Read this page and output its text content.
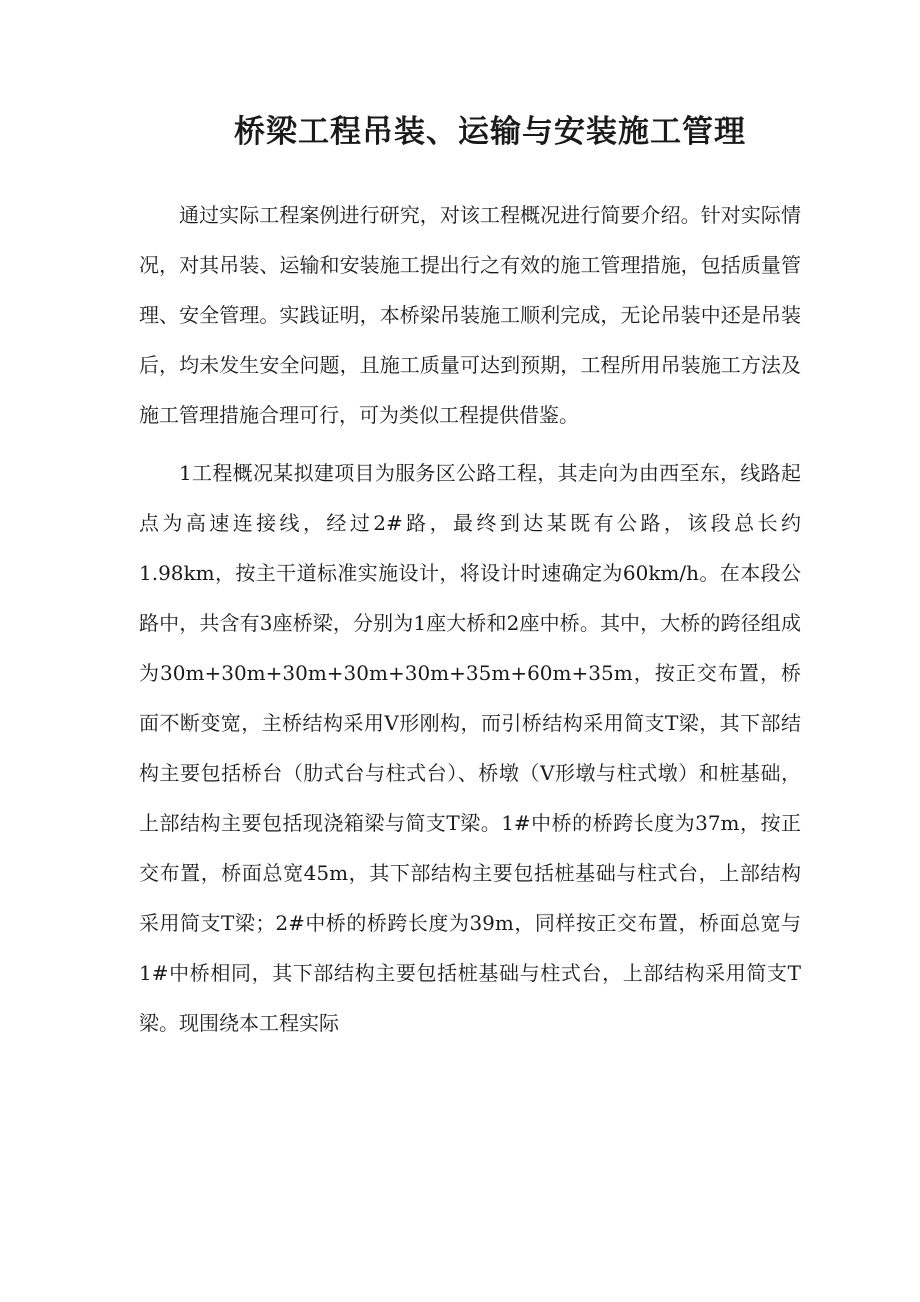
桥梁工程吊装、运输与安装施工管理

通过实际工程案例进行研究，对该工程概况进行简要介绍。针对实际情况，对其吊装、运输和安装施工提出行之有效的施工管理措施，包括质量管理、安全管理。实践证明，本桥梁吊装施工顺利完成，无论吊装中还是吊装后，均未发生安全问题，且施工质量可达到预期，工程所用吊装施工方法及施工管理措施合理可行，可为类似工程提供借鉴。

1工程概况某拟建项目为服务区公路工程，其走向为由西至东，线路起点为高速连接线，经过2#路，最终到达某既有公路，该段总长约1.98km，按主干道标准实施设计，将设计时速确定为60km/h。在本段公路中，共含有3座桥梁，分别为1座大桥和2座中桥。其中，大桥的跨径组成为30m+30m+30m+30m+30m+35m+60m+35m，按正交布置，桥面不断变宽，主桥结构采用V形刚构，而引桥结构采用简支T梁，其下部结构主要包括桥台（肋式台与柱式台）、桥墩（V形墩与柱式墩）和桩基础，上部结构主要包括现浇箱梁与简支T梁。1#中桥的桥跨长度为37m，按正交布置，桥面总宽45m，其下部结构主要包括桩基础与柱式台，上部结构采用简支T梁；2#中桥的桥跨长度为39m，同样按正交布置，桥面总宽与1#中桥相同，其下部结构主要包括桩基础与柱式台，上部结构采用简支T梁。现围绕本工程实际
